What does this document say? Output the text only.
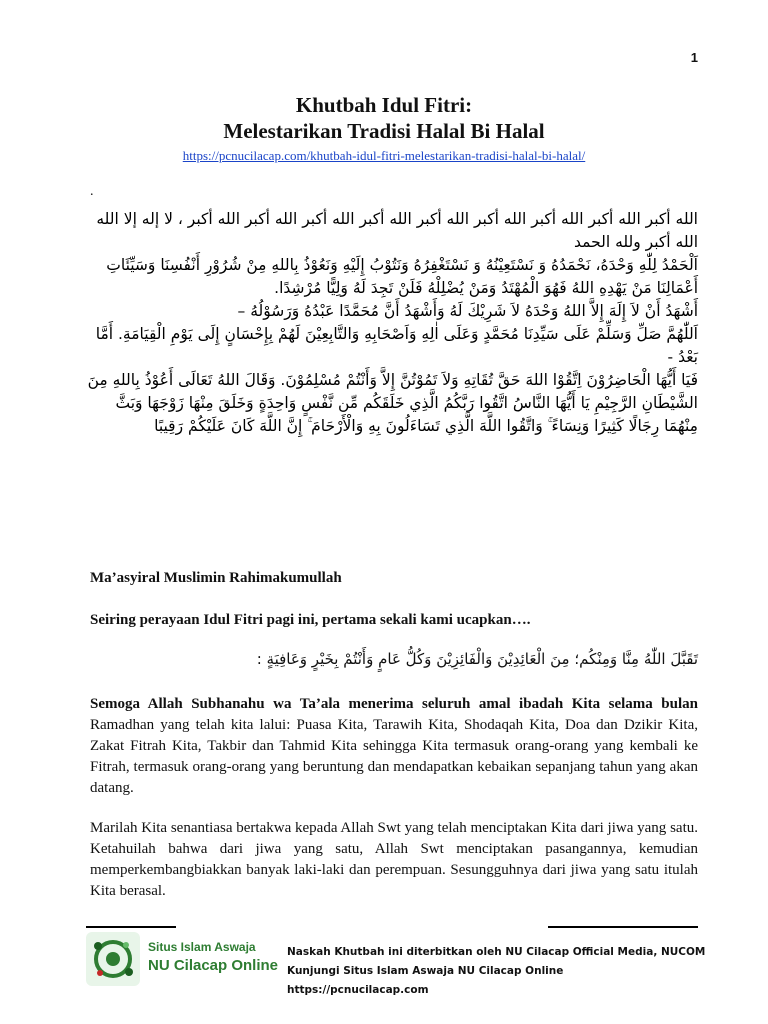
1

Khutbah Idul Fitri:

Melestarikan Tradisi Halal Bi Halal

https://pcnucilacap.com/khutbah-idul-fitri-melestarikan-tradisi-halal-bi-halal/
.

الله أكبر الله أكبر الله أكبر الله أكبر الله أكبر الله أكبر الله أكبر الله أكبر الله أكبر ، لا إله إلا الله الله أكبر ولله الحمد

اَلْحَمْدُ لِلّٰهِ وَحْدَهُ، نَحْمَدُهُ وَ نَسْتَعِيْنُهُ وَ نَسْتَغْفِرُهُ وَنَتُوْبُ إِلَيْهِ وَنَعُوْذُ بِاللهِ مِنْ شُرُوْرِ أَنْفُسِنَا وَسَيِّئَاتِ أَعْمَالِنَا مَنْ يَهْدِهِ اللهُ فَهُوَ الْمُهْتَدُ وَمَنْ يُضْلِلْهُ فَلَنْ تَجِدَ لَهُ وَلِيًّا مُرْشِدًا.

أَشْهَدُ أَنْ لاَ إِلَهَ إِلاَّ اللهُ وَحْدَهُ لاَ شَرِيْكَ لَهُ وَأَشْهَدُ أَنَّ مُحَمَّدًا عَبْدُهُ وَرَسُوْلُهُ –

اَللّٰهُمَّ صَلِّ وَسَلِّمْ عَلَى سَيِّدِنَا مُحَمَّدٍ وَعَلَى اٰلِهِ وَاَصْحَابِهِ وَالتَّابِعِيْنَ لَهُمْ بِإِحْسَانٍ إِلَى يَوْمِ الْقِيَامَةِ. أَمَّا بَعْدُ -

فَيَا أَيُّهَا الْحَاضِرُوْنَ اِتَّقُوْا اللهَ حَقَّ تُقَاتِهِ وَلاَ تَمُوْتُنَّ إِلاَّ وَأَنْتُمْ مُسْلِمُوْنَ. وَقَالَ اللهُ تَعَالَى أَعُوْذُ بِاللهِ مِنَ الشَّيْطَانِ الرَّجِيْمِ يَا أَيُّهَا النَّاسُ اتَّقُوا رَبَّكُمُ الَّذِي خَلَقَكُم مِّن نَّفْسٍ وَاحِدَةٍ وَخَلَقَ مِنْهَا زَوْجَهَا وَبَثَّ مِنْهُمَا رِجَالًا كَثِيرًا وَنِسَاءً ۚ وَاتَّقُوا اللَّهَ الَّذِي تَسَاءَلُونَ بِهِ وَالْأَرْحَامَ ۚ إِنَّ اللَّهَ كَانَ عَلَيْكُمْ رَقِيبًا

Ma’asyiral Muslimin Rahimakumullah
Seiring perayaan Idul Fitri pagi ini, pertama sekali kami ucapkan….
تَقَبَّلَ اللّٰهُ مِنَّا وَمِنْكُم؛ مِنَ الْعَائِدِيْنَ وَالْفَائِزِيْنَ وَكُلُّ عَامٍ وَأَنْتُمْ بِخَيْرٍ وَعَافِيَةٍ :
Semoga Allah Subhanahu wa Ta’ala menerima seluruh amal ibadah Kita selama bulan Ramadhan yang telah kita lalui: Puasa Kita, Tarawih Kita, Shodaqah Kita, Doa dan Dzikir Kita, Zakat Fitrah Kita, Takbir dan Tahmid Kita sehingga Kita termasuk orang-orang yang kembali ke Fitrah, termasuk orang-orang yang beruntung dan mendapatkan kebaikan sepanjang tahun yang akan datang.
Marilah Kita senantiasa bertakwa kepada Allah Swt yang telah menciptakan Kita dari jiwa yang satu. Ketahuilah bahwa dari jiwa yang satu, Allah Swt menciptakan pasangannya, kemudian memperkembangbiakkan banyak laki-laki dan perempuan. Sesungguhnya dari jiwa yang satu itulah Kita berasal.
Situs Islam Aswaja
NU Cilacap Online
Naskah Khutbah ini diterbitkan oleh NU Cilacap Official Media, NUCOM
Kunjungi Situs Islam Aswaja NU Cilacap Online https://pcnucilacap.com
